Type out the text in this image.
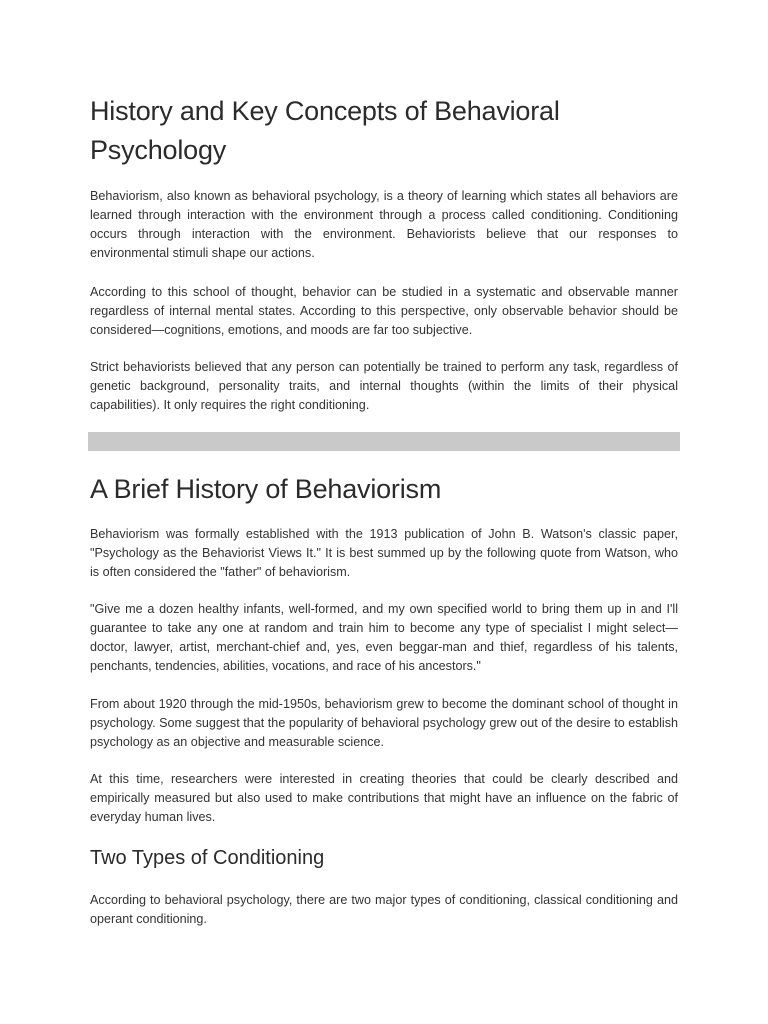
History and Key Concepts of Behavioral Psychology

Behaviorism, also known as behavioral psychology, is a theory of learning which states all behaviors are learned through interaction with the environment through a process called conditioning. Conditioning occurs through interaction with the environment. Behaviorists believe that our responses to environmental stimuli shape our actions.

According to this school of thought, behavior can be studied in a systematic and observable manner regardless of internal mental states. According to this perspective, only observable behavior should be considered—cognitions, emotions, and moods are far too subjective.

Strict behaviorists believed that any person can potentially be trained to perform any task, regardless of genetic background, personality traits, and internal thoughts (within the limits of their physical capabilities). It only requires the right conditioning.

A Brief History of Behaviorism

Behaviorism was formally established with the 1913 publication of John B. Watson's classic paper, "Psychology as the Behaviorist Views It." It is best summed up by the following quote from Watson, who is often considered the "father" of behaviorism.

"Give me a dozen healthy infants, well-formed, and my own specified world to bring them up in and I'll guarantee to take any one at random and train him to become any type of specialist I might select—doctor, lawyer, artist, merchant-chief and, yes, even beggar-man and thief, regardless of his talents, penchants, tendencies, abilities, vocations, and race of his ancestors."

From about 1920 through the mid-1950s, behaviorism grew to become the dominant school of thought in psychology. Some suggest that the popularity of behavioral psychology grew out of the desire to establish psychology as an objective and measurable science.

At this time, researchers were interested in creating theories that could be clearly described and empirically measured but also used to make contributions that might have an influence on the fabric of everyday human lives.

Two Types of Conditioning

According to behavioral psychology, there are two major types of conditioning, classical conditioning and operant conditioning.
